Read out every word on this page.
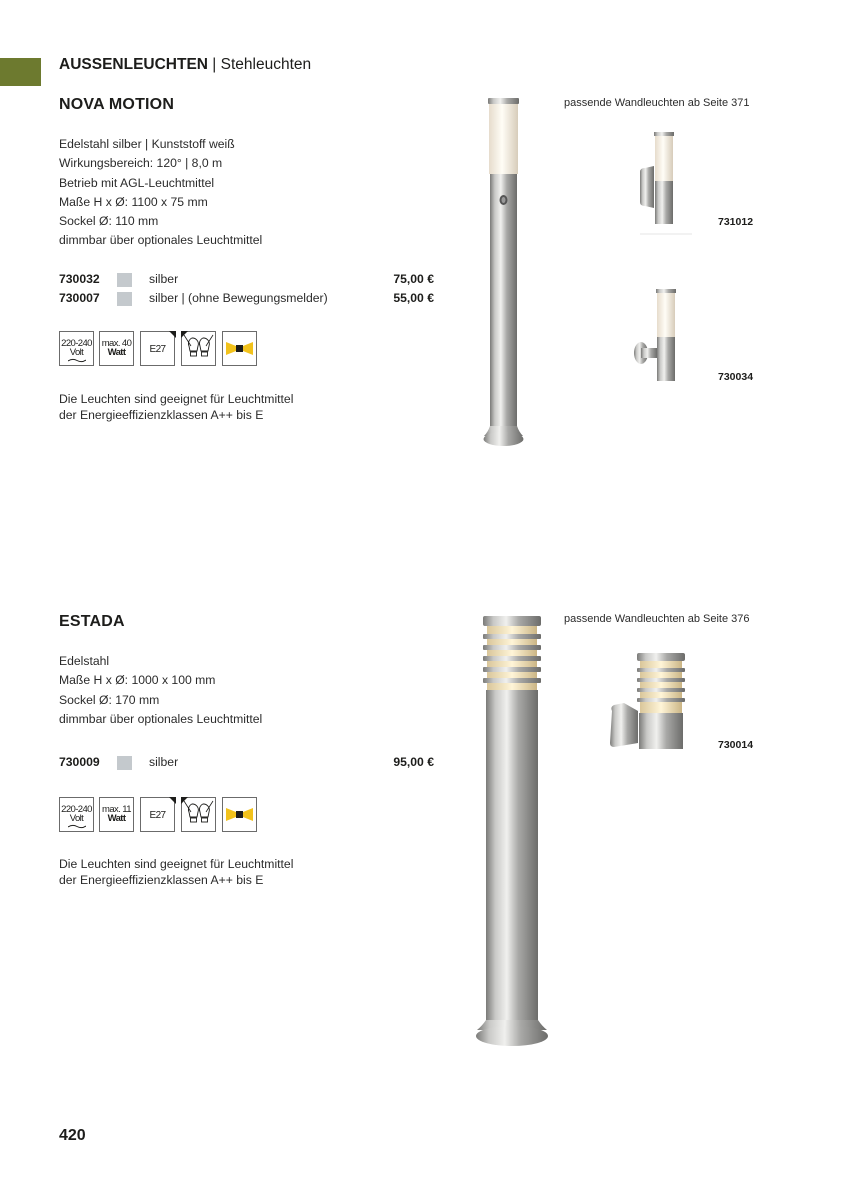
AUSSENLEUCHTEN | Stehleuchten
NOVA MOTION
Edelstahl silber | Kunststoff weiß
Wirkungsbereich: 120° | 8,0 m
Betrieb mit AGL-Leuchtmittel
Maße H x Ø: 1100 x 75 mm
Sockel Ø: 110 mm
dimmbar über optionales Leuchtmittel
730032	silber	75,00 €
730007	silber | (ohne Bewegungsmelder)	55,00 €
220-240
Volt
max. 40
Watt	E27
Die Leuchten sind geeignet für Leuchtmittel
der Energieeffizienzklassen A++ bis E
passende Wandleuchten ab Seite 371
731012
730034
ESTADA
Edelstahl
Maße H x Ø: 1000 x 100 mm
Sockel Ø: 170 mm
dimmbar über optionales Leuchtmittel
730009	silber	95,00 €
220-240
Volt
max. 11
Watt	E27
Die Leuchten sind geeignet für Leuchtmittel
der Energieeffizienzklassen A++ bis E
passende Wandleuchten ab Seite 376
730014
420
